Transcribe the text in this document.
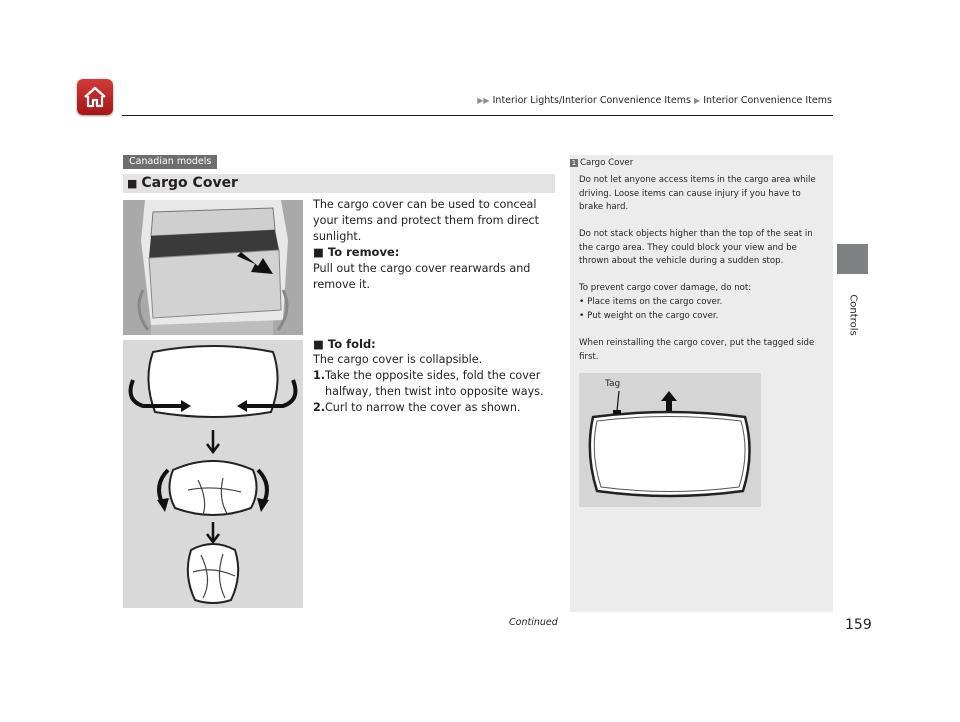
▶▶ Interior Lights/Interior Convenience Items ▶ Interior Convenience Items
Controls
Canadian models
■ Cargo Cover
The cargo cover can be used to conceal your items and protect them from direct sunlight.
■ To remove:
Pull out the cargo cover rearwards and remove it.
■ To fold:
The cargo cover is collapsible.
1.Take the opposite sides, fold the cover halfway, then twist into opposite ways.
2.Curl to narrow the cover as shown.
1 Cargo Cover
Do not let anyone access items in the cargo area while driving. Loose items can cause injury if you have to brake hard.
Do not stack objects higher than the top of the seat in the cargo area. They could block your view and be thrown about the vehicle during a sudden stop.
To prevent cargo cover damage, do not:
• Place items on the cargo cover.
• Put weight on the cargo cover.
When reinstalling the cargo cover, put the tagged side first.
Tag
Continued	159
